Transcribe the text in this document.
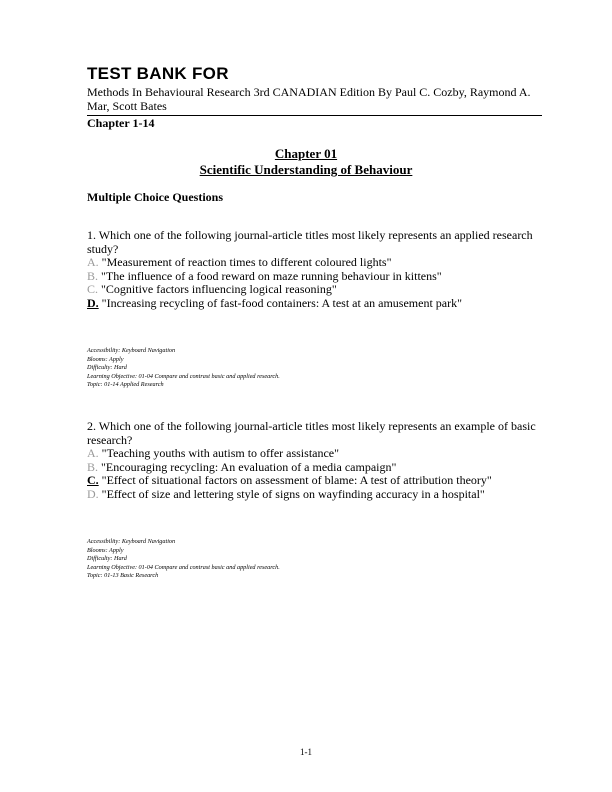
TEST BANK FOR
Methods In Behavioural Research 3rd CANADIAN Edition By Paul C. Cozby, Raymond A. Mar, Scott Bates
Chapter 1-14
Chapter 01
Scientific Understanding of Behaviour
Multiple Choice Questions

1. Which one of the following journal-article titles most likely represents an applied research study?

A. "Measurement of reaction times to different coloured lights"
B. "The influence of a food reward on maze running behaviour in kittens"
C. "Cognitive factors influencing logical reasoning"
D. "Increasing recycling of fast-food containers: A test at an amusement park"
Accessibility: Keyboard Navigation
Blooms: Apply
Difficulty: Hard
Learning Objective: 01-04 Compare and contrast basic and applied research.
Topic: 01-14 Applied Research

2. Which one of the following journal-article titles most likely represents an example of basic research?

A. "Teaching youths with autism to offer assistance"
B. "Encouraging recycling: An evaluation of a media campaign"
C. "Effect of situational factors on assessment of blame: A test of attribution theory"
D. "Effect of size and lettering style of signs on wayfinding accuracy in a hospital"
Accessibility: Keyboard Navigation
Blooms: Apply
Difficulty: Hard
Learning Objective: 01-04 Compare and contrast basic and applied research.
Topic: 01-13 Basic Research
1-1
